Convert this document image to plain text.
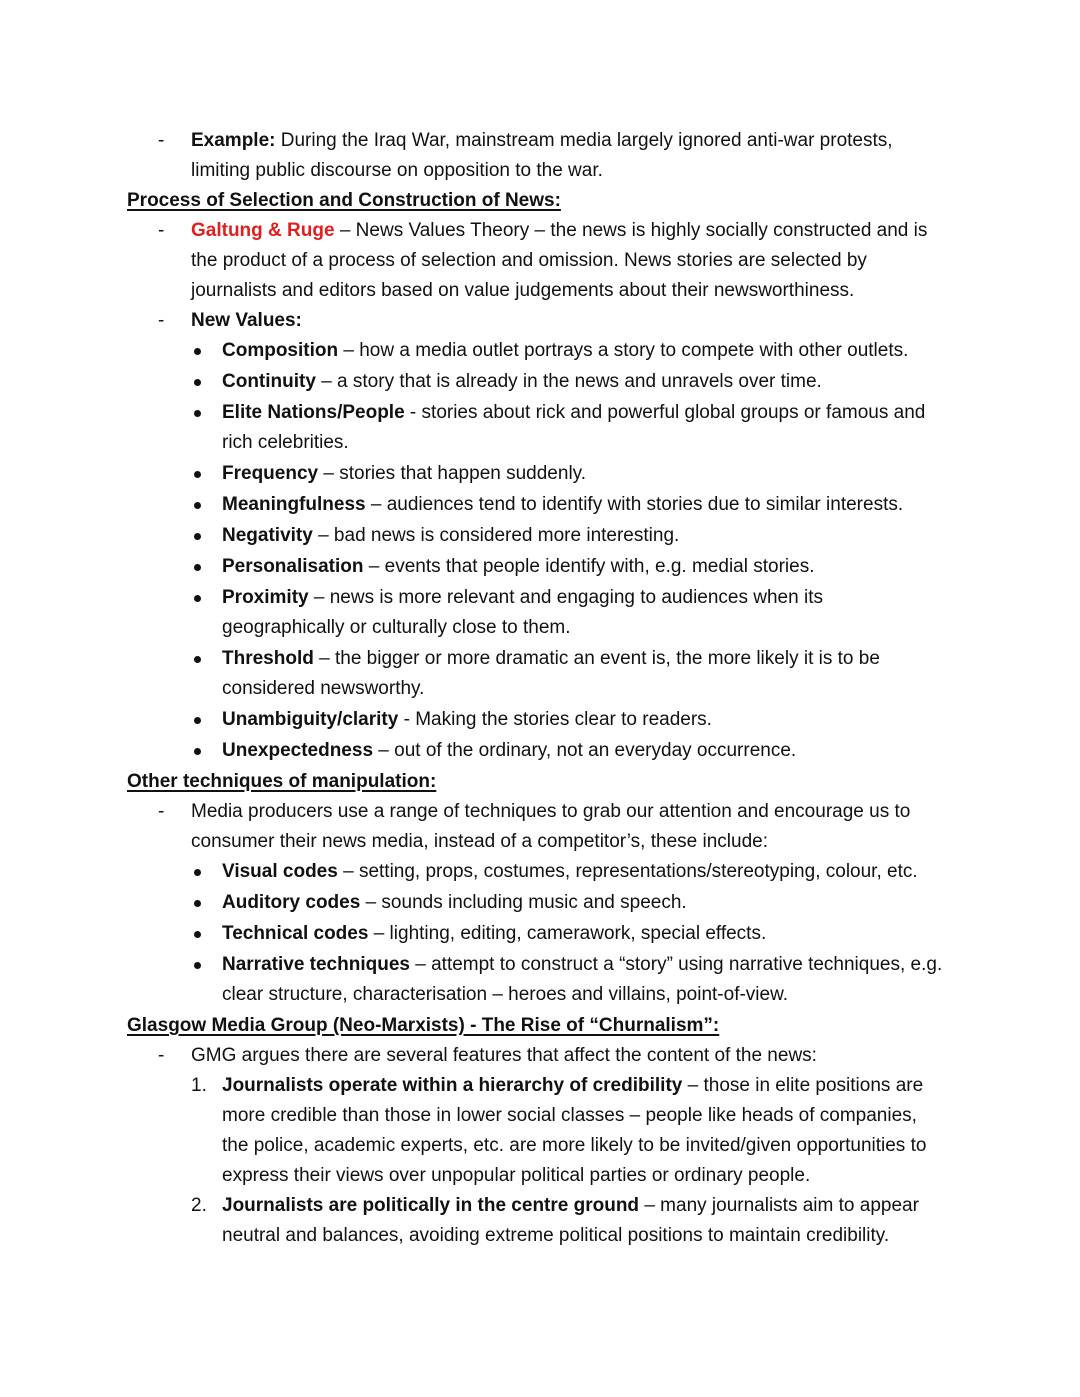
- Example: During the Iraq War, mainstream media largely ignored anti-war protests, limiting public discourse on opposition to the war.
Process of Selection and Construction of News:
- Galtung & Ruge – News Values Theory – the news is highly socially constructed and is the product of a process of selection and omission. News stories are selected by journalists and editors based on value judgements about their newsworthiness.
- New Values:
Composition – how a media outlet portrays a story to compete with other outlets.
Continuity – a story that is already in the news and unravels over time.
Elite Nations/People - stories about rick and powerful global groups or famous and rich celebrities.
Frequency – stories that happen suddenly.
Meaningfulness – audiences tend to identify with stories due to similar interests.
Negativity – bad news is considered more interesting.
Personalisation – events that people identify with, e.g. medial stories.
Proximity – news is more relevant and engaging to audiences when its geographically or culturally close to them.
Threshold – the bigger or more dramatic an event is, the more likely it is to be considered newsworthy.
Unambiguity/clarity - Making the stories clear to readers.
Unexpectedness – out of the ordinary, not an everyday occurrence.
Other techniques of manipulation:
- Media producers use a range of techniques to grab our attention and encourage us to consumer their news media, instead of a competitor’s, these include:
Visual codes – setting, props, costumes, representations/stereotyping, colour, etc.
Auditory codes – sounds including music and speech.
Technical codes – lighting, editing, camerawork, special effects.
Narrative techniques – attempt to construct a “story” using narrative techniques, e.g. clear structure, characterisation – heroes and villains, point-of-view.
Glasgow Media Group (Neo-Marxists) - The Rise of “Churnalism”:
- GMG argues there are several features that affect the content of the news:
1. Journalists operate within a hierarchy of credibility – those in elite positions are more credible than those in lower social classes – people like heads of companies, the police, academic experts, etc. are more likely to be invited/given opportunities to express their views over unpopular political parties or ordinary people.
2. Journalists are politically in the centre ground – many journalists aim to appear neutral and balances, avoiding extreme political positions to maintain credibility.
